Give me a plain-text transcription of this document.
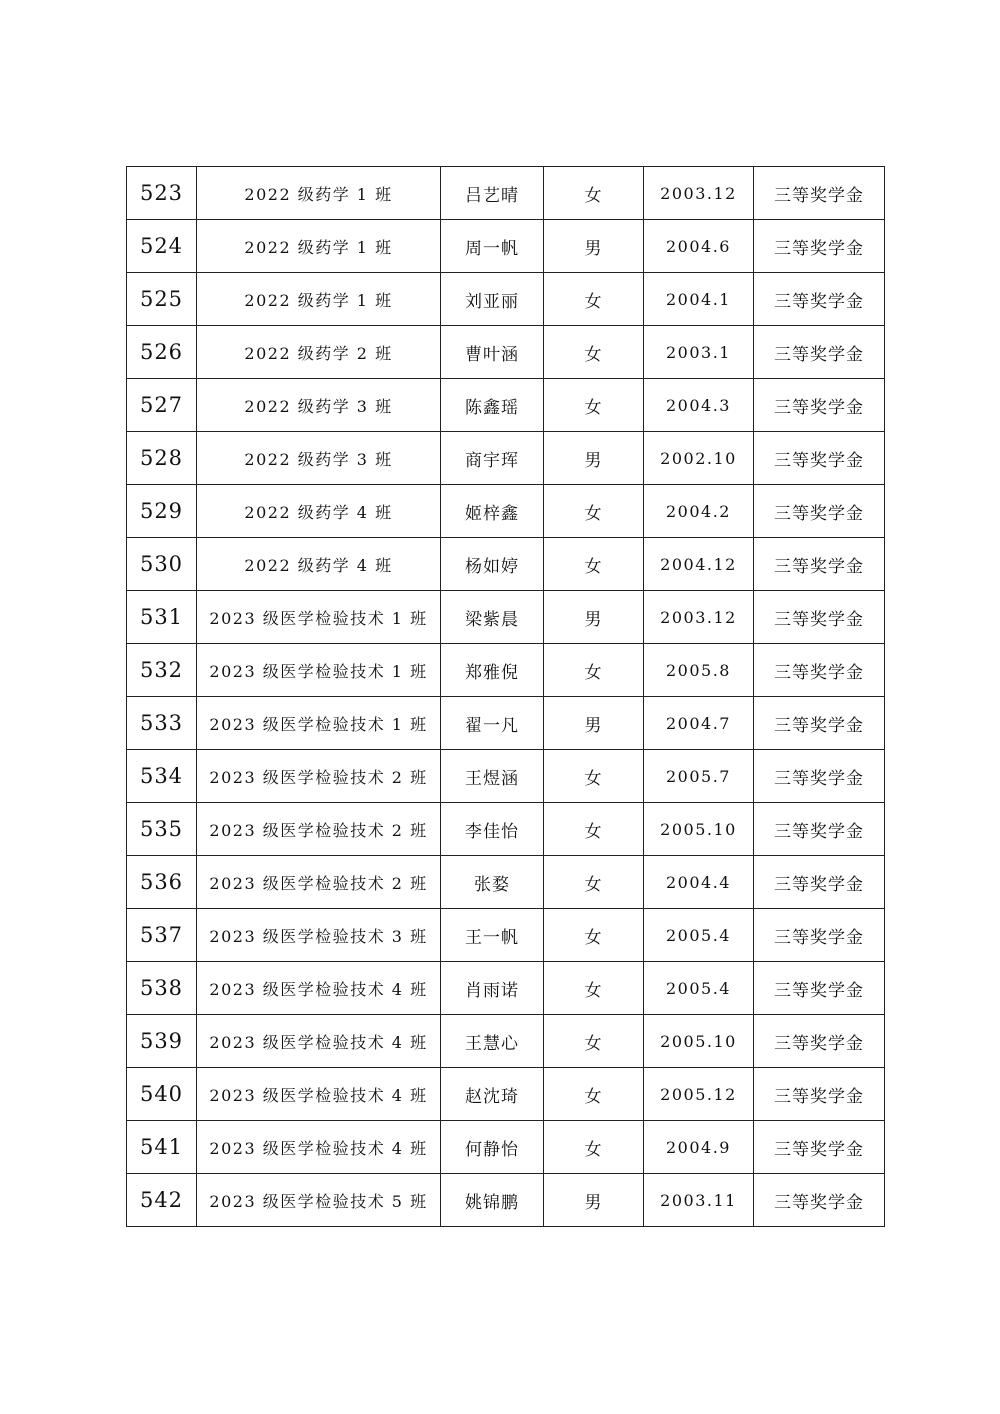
523	2022 级药学 1 班	吕艺晴	女	2003.12	三等奖学金
524	2022 级药学 1 班	周一帆	男	2004.6	三等奖学金
525	2022 级药学 1 班	刘亚丽	女	2004.1	三等奖学金
526	2022 级药学 2 班	曹叶涵	女	2003.1	三等奖学金
527	2022 级药学 3 班	陈鑫瑶	女	2004.3	三等奖学金
528	2022 级药学 3 班	商宇珲	男	2002.10	三等奖学金
529	2022 级药学 4 班	姬梓鑫	女	2004.2	三等奖学金
530	2022 级药学 4 班	杨如婷	女	2004.12	三等奖学金
531	2023 级医学检验技术 1 班	梁紫晨	男	2003.12	三等奖学金
532	2023 级医学检验技术 1 班	郑雅倪	女	2005.8	三等奖学金
533	2023 级医学检验技术 1 班	翟一凡	男	2004.7	三等奖学金
534	2023 级医学检验技术 2 班	王煜涵	女	2005.7	三等奖学金
535	2023 级医学检验技术 2 班	李佳怡	女	2005.10	三等奖学金
536	2023 级医学检验技术 2 班	张婺	女	2004.4	三等奖学金
537	2023 级医学检验技术 3 班	王一帆	女	2005.4	三等奖学金
538	2023 级医学检验技术 4 班	肖雨诺	女	2005.4	三等奖学金
539	2023 级医学检验技术 4 班	王慧心	女	2005.10	三等奖学金
540	2023 级医学检验技术 4 班	赵沈琦	女	2005.12	三等奖学金
541	2023 级医学检验技术 4 班	何静怡	女	2004.9	三等奖学金
542	2023 级医学检验技术 5 班	姚锦鹏	男	2003.11	三等奖学金
